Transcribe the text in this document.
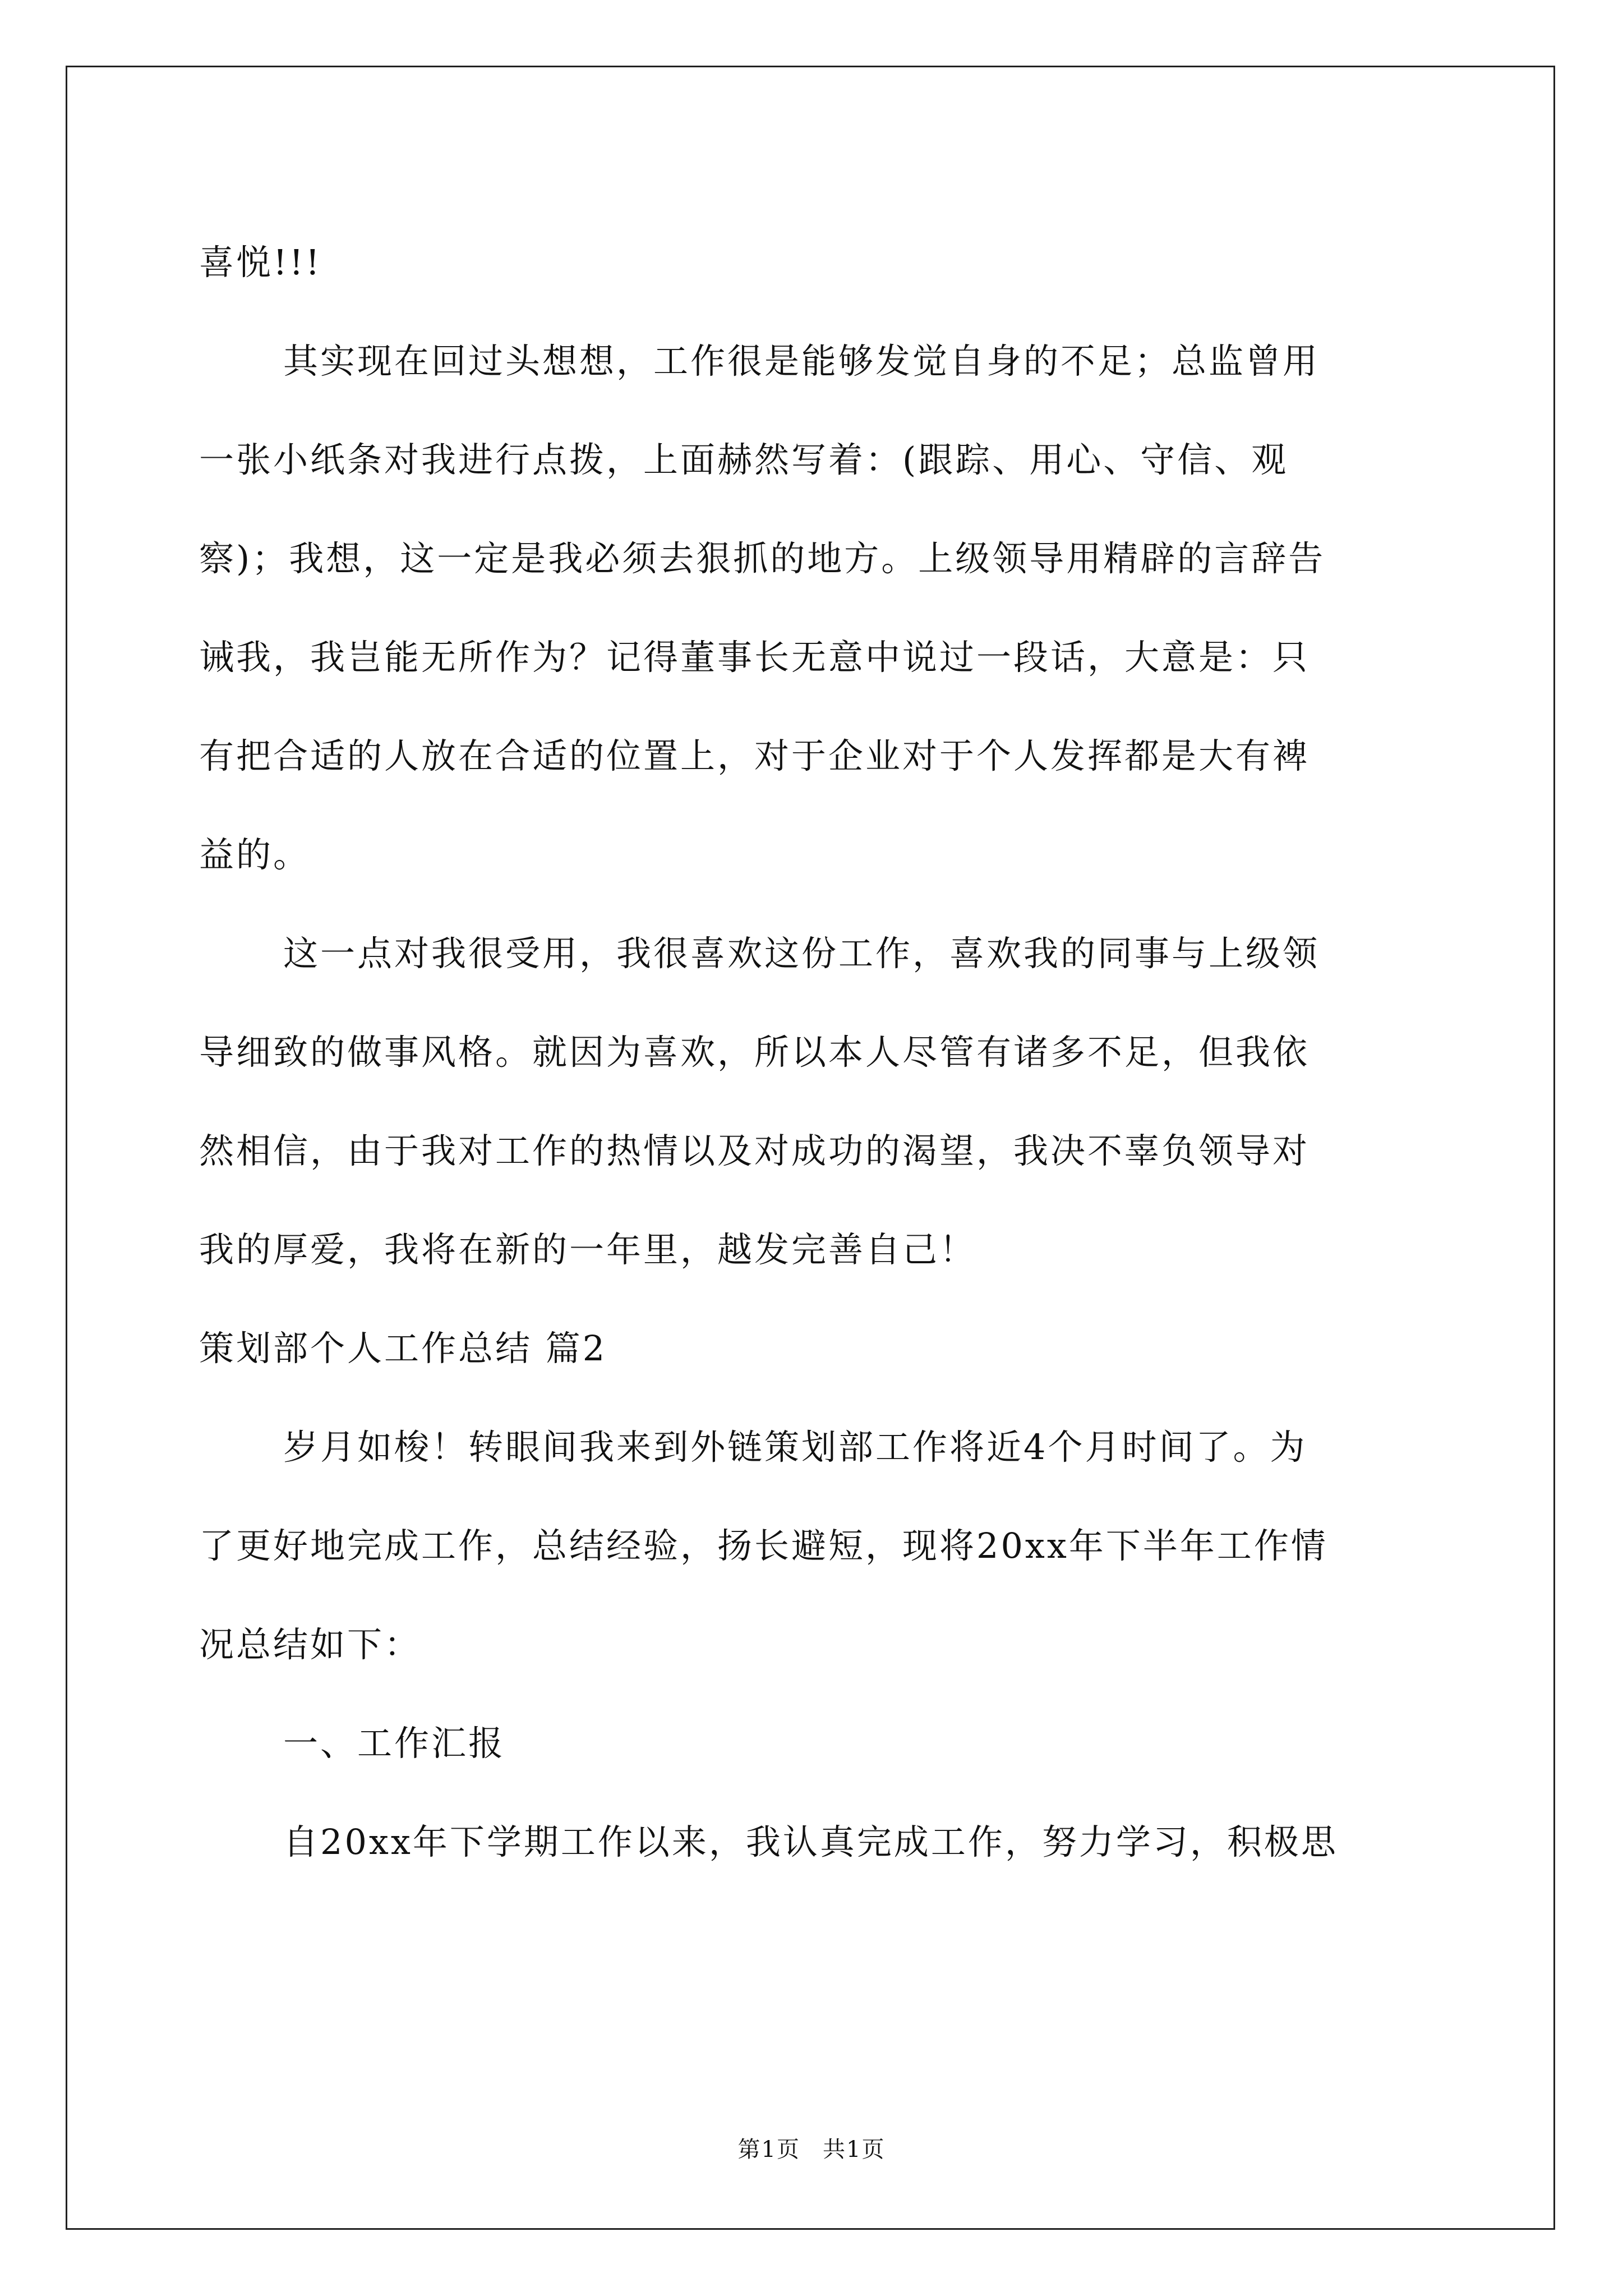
喜悦!!!
其实现在回过头想想，工作很是能够发觉自身的不足；总监曾用
一张小纸条对我进行点拨，上面赫然写着：(跟踪、用心、守信、观
察)；我想，这一定是我必须去狠抓的地方。上级领导用精辟的言辞告
诫我，我岂能无所作为？记得董事长无意中说过一段话，大意是：只
有把合适的人放在合适的位置上，对于企业对于个人发挥都是大有裨
益的。
这一点对我很受用，我很喜欢这份工作，喜欢我的同事与上级领
导细致的做事风格。就因为喜欢，所以本人尽管有诸多不足，但我依
然相信，由于我对工作的热情以及对成功的渴望，我决不辜负领导对
我的厚爱，我将在新的一年里，越发完善自己！
策划部个人工作总结 篇2
岁月如梭！转眼间我来到外链策划部工作将近4个月时间了。为
了更好地完成工作，总结经验，扬长避短，现将20xx年下半年工作情
况总结如下：
一、工作汇报
自20xx年下学期工作以来，我认真完成工作，努力学习，积极思
第1页 共1页
